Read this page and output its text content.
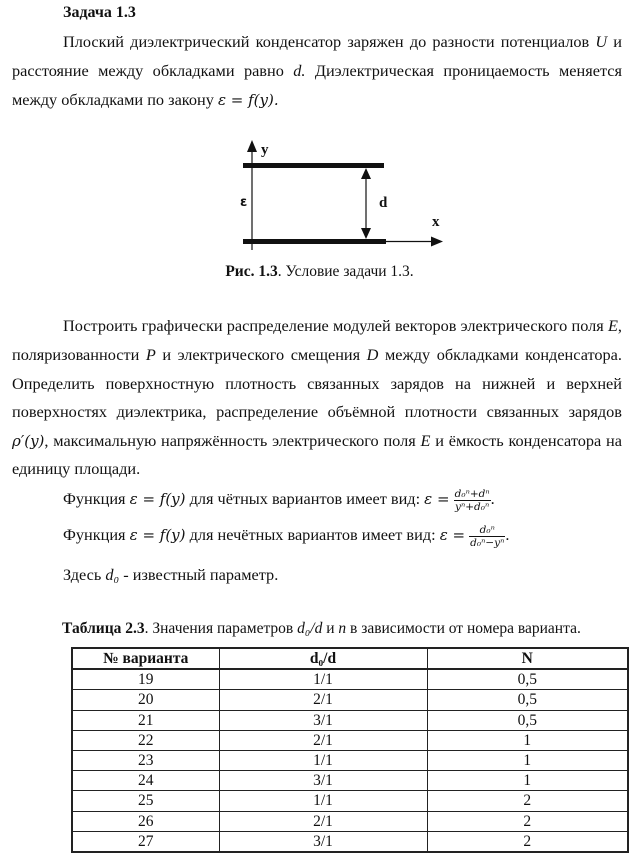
Задача 1.3
Плоский диэлектрический конденсатор заряжен до разности потенциалов U и
расстояние между обкладками равно d. Диэлектрическая проницаемость меняется
между обкладками по закону ε = f(y).
y
x
ε	d
Рис. 1.3. Условие задачи 1.3.
Построить графически распределение модулей векторов электрического поля E,
поляризованности P и электрического смещения D между обкладками конденсатора.
Определить поверхностную плотность связанных зарядов на нижней и верхней
поверхностях диэлектрика, распределение объёмной плотности связанных зарядов
ρ′(y), максимальную напряжённость электрического поля E и ёмкость конденсатора на
единицу площади.
Функция ε = f(y) для чётных вариантов имеет вид: $\varepsilon = \frac{\text{d₀ⁿ+dⁿ}}{\text{yⁿ+d₀ⁿ}}$ .
Функция ε = f(y) для нечётных вариантов имеет вид: $\varepsilon = \frac{\text{d₀ⁿ}}{\text{d₀ⁿ−yⁿ}}$ .
Здесь d₀ - известный параметр.
Таблица 2.3. Значения параметров d₀/d и n в зависимости от номера варианта.
№ варианта	d₀/d	N
19	1/1	0,5
20	2/1	0,5
21	3/1	0,5
22	2/1	1
23	1/1	1
24	3/1	1
25	1/1	2
26	2/1	2
27	3/1	2
